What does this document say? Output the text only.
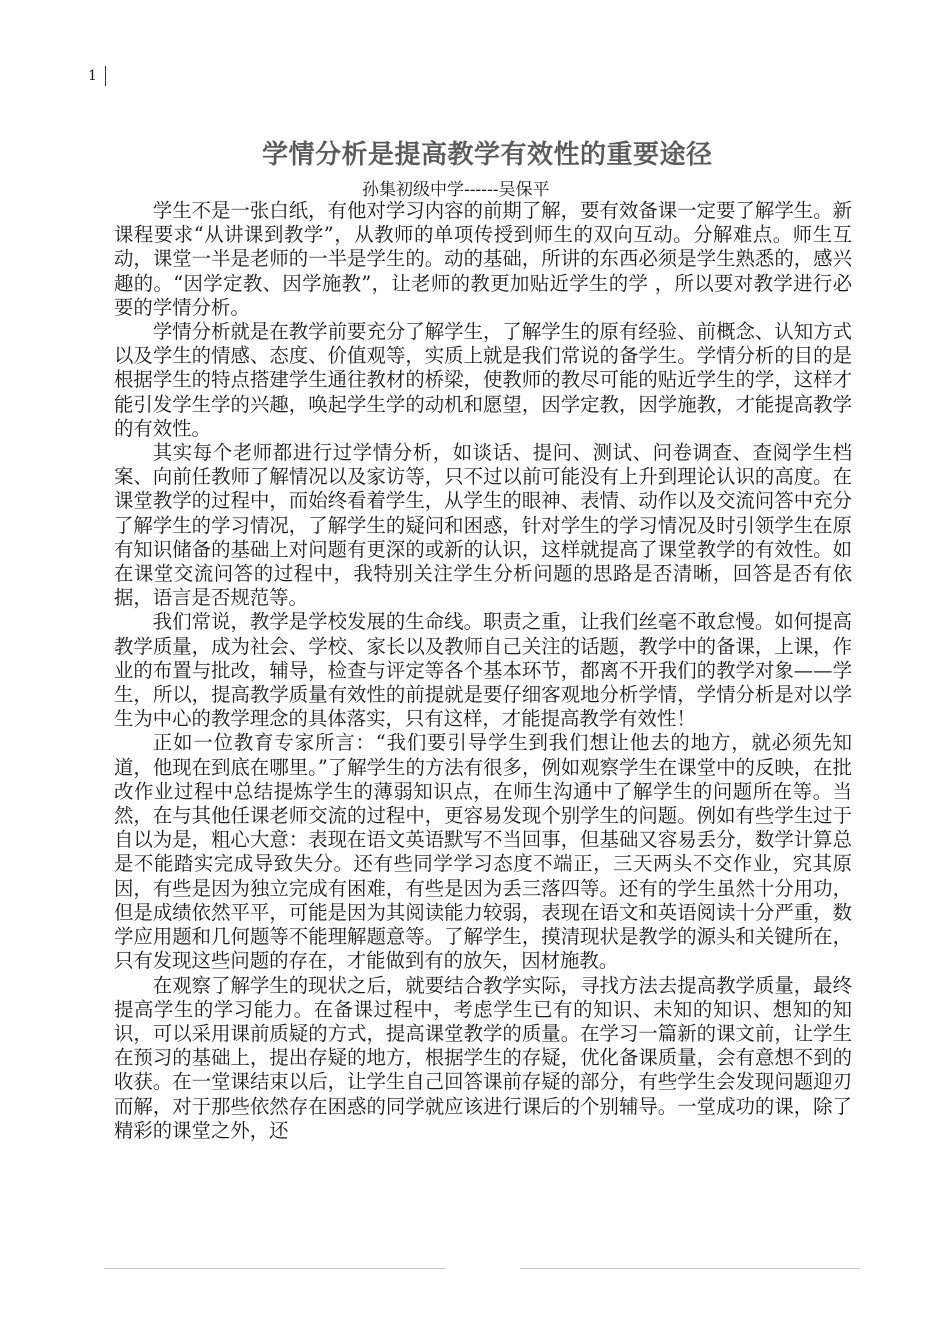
1
学情分析是提高教学有效性的重要途径
孙集初级中学------吴保平

学生不是一张白纸，有他对学习内容的前期了解，要有效备课一定要了解学生。新课程要求“从讲课到教学”，从教师的单项传授到师生的双向互动。分解难点。师生互动，课堂一半是老师的一半是学生的。动的基础，所讲的东西必须是学生熟悉的，感兴趣的。“因学定教、因学施教”，让老师的教更加贴近学生的学 ，所以要对教学进行必要的学情分析。

学情分析就是在教学前要充分了解学生，了解学生的原有经验、前概念、认知方式以及学生的情感、态度、价值观等，实质上就是我们常说的备学生。学情分析的目的是根据学生的特点搭建学生通往教材的桥梁，使教师的教尽可能的贴近学生的学，这样才能引发学生学的兴趣，唤起学生学的动机和愿望，因学定教，因学施教，才能提高教学的有效性。

其实每个老师都进行过学情分析，如谈话、提问、测试、问卷调查、查阅学生档案、向前任教师了解情况以及家访等，只不过以前可能没有上升到理论认识的高度。在课堂教学的过程中，而始终看着学生，从学生的眼神、表情、动作以及交流问答中充分了解学生的学习情况，了解学生的疑问和困惑，针对学生的学习情况及时引领学生在原有知识储备的基础上对问题有更深的或新的认识，这样就提高了课堂教学的有效性。如在课堂交流问答的过程中，我特别关注学生分析问题的思路是否清晰，回答是否有依据，语言是否规范等。

我们常说，教学是学校发展的生命线。职责之重，让我们丝毫不敢怠慢。如何提高教学质量，成为社会、学校、家长以及教师自己关注的话题，教学中的备课，上课，作业的布置与批改，辅导，检查与评定等各个基本环节，都离不开我们的教学对象——学生，所以，提高教学质量有效性的前提就是要仔细客观地分析学情，学情分析是对以学生为中心的教学理念的具体落实，只有这样，才能提高教学有效性！

正如一位教育专家所言：“我们要引导学生到我们想让他去的地方，就必须先知道，他现在到底在哪里。”了解学生的方法有很多，例如观察学生在课堂中的反映，在批改作业过程中总结提炼学生的薄弱知识点，在师生沟通中了解学生的问题所在等。当然，在与其他任课老师交流的过程中，更容易发现个别学生的问题。例如有些学生过于自以为是，粗心大意：表现在语文英语默写不当回事，但基础又容易丢分，数学计算总是不能踏实完成导致失分。还有些同学学习态度不端正，三天两头不交作业，究其原因，有些是因为独立完成有困难，有些是因为丢三落四等。还有的学生虽然十分用功，但是成绩依然平平，可能是因为其阅读能力较弱，表现在语文和英语阅读十分严重，数学应用题和几何题等不能理解题意等。了解学生，摸清现状是教学的源头和关键所在，只有发现这些问题的存在，才能做到有的放矢，因材施教。

在观察了解学生的现状之后，就要结合教学实际，寻找方法去提高教学质量，最终提高学生的学习能力。在备课过程中，考虑学生已有的知识、未知的知识、想知的知识，可以采用课前质疑的方式，提高课堂教学的质量。在学习一篇新的课文前，让学生在预习的基础上，提出存疑的地方，根据学生的存疑，优化备课质量，会有意想不到的收获。在一堂课结束以后，让学生自己回答课前存疑的部分，有些学生会发现问题迎刃而解，对于那些依然存在困惑的同学就应该进行课后的个别辅导。一堂成功的课，除了精彩的课堂之外，还
